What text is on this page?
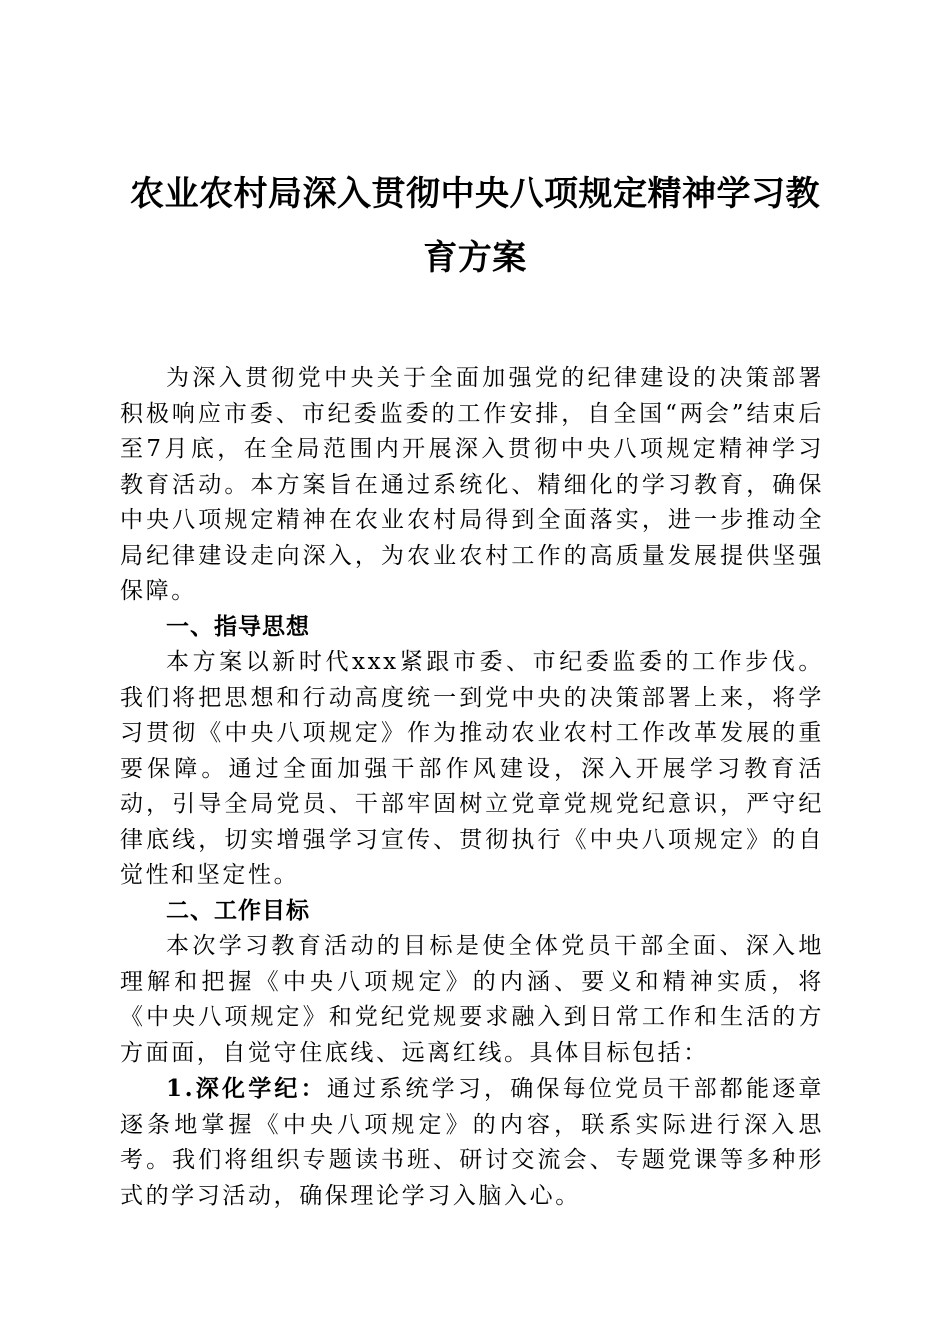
农业农村局深入贯彻中央八项规定精神学习教
育方案

为深入贯彻党中央关于全面加强党的纪律建设的决策部署积极响应市委、市纪委监委的工作安排，自全国“两会”结束后至7月底，在全局范围内开展深入贯彻中央八项规定精神学习教育活动。本方案旨在通过系统化、精细化的学习教育，确保中央八项规定精神在农业农村局得到全面落实，进一步推动全局纪律建设走向深入，为农业农村工作的高质量发展提供坚强保障。

一、指导思想

本方案以新时代xxx紧跟市委、市纪委监委的工作步伐。我们将把思想和行动高度统一到党中央的决策部署上来，将学习贯彻《中央八项规定》作为推动农业农村工作改革发展的重要保障。通过全面加强干部作风建设，深入开展学习教育活动，引导全局党员、干部牢固树立党章党规党纪意识，严守纪律底线，切实增强学习宣传、贯彻执行《中央八项规定》的自觉性和坚定性。

二、工作目标

本次学习教育活动的目标是使全体党员干部全面、深入地理解和把握《中央八项规定》的内涵、要义和精神实质，将《中央八项规定》和党纪党规要求融入到日常工作和生活的方方面面，自觉守住底线、远离红线。具体目标包括：

1.深化学纪：通过系统学习，确保每位党员干部都能逐章逐条地掌握《中央八项规定》的内容，联系实际进行深入思考。我们将组织专题读书班、研讨交流会、专题党课等多种形式的学习活动，确保理论学习入脑入心。
